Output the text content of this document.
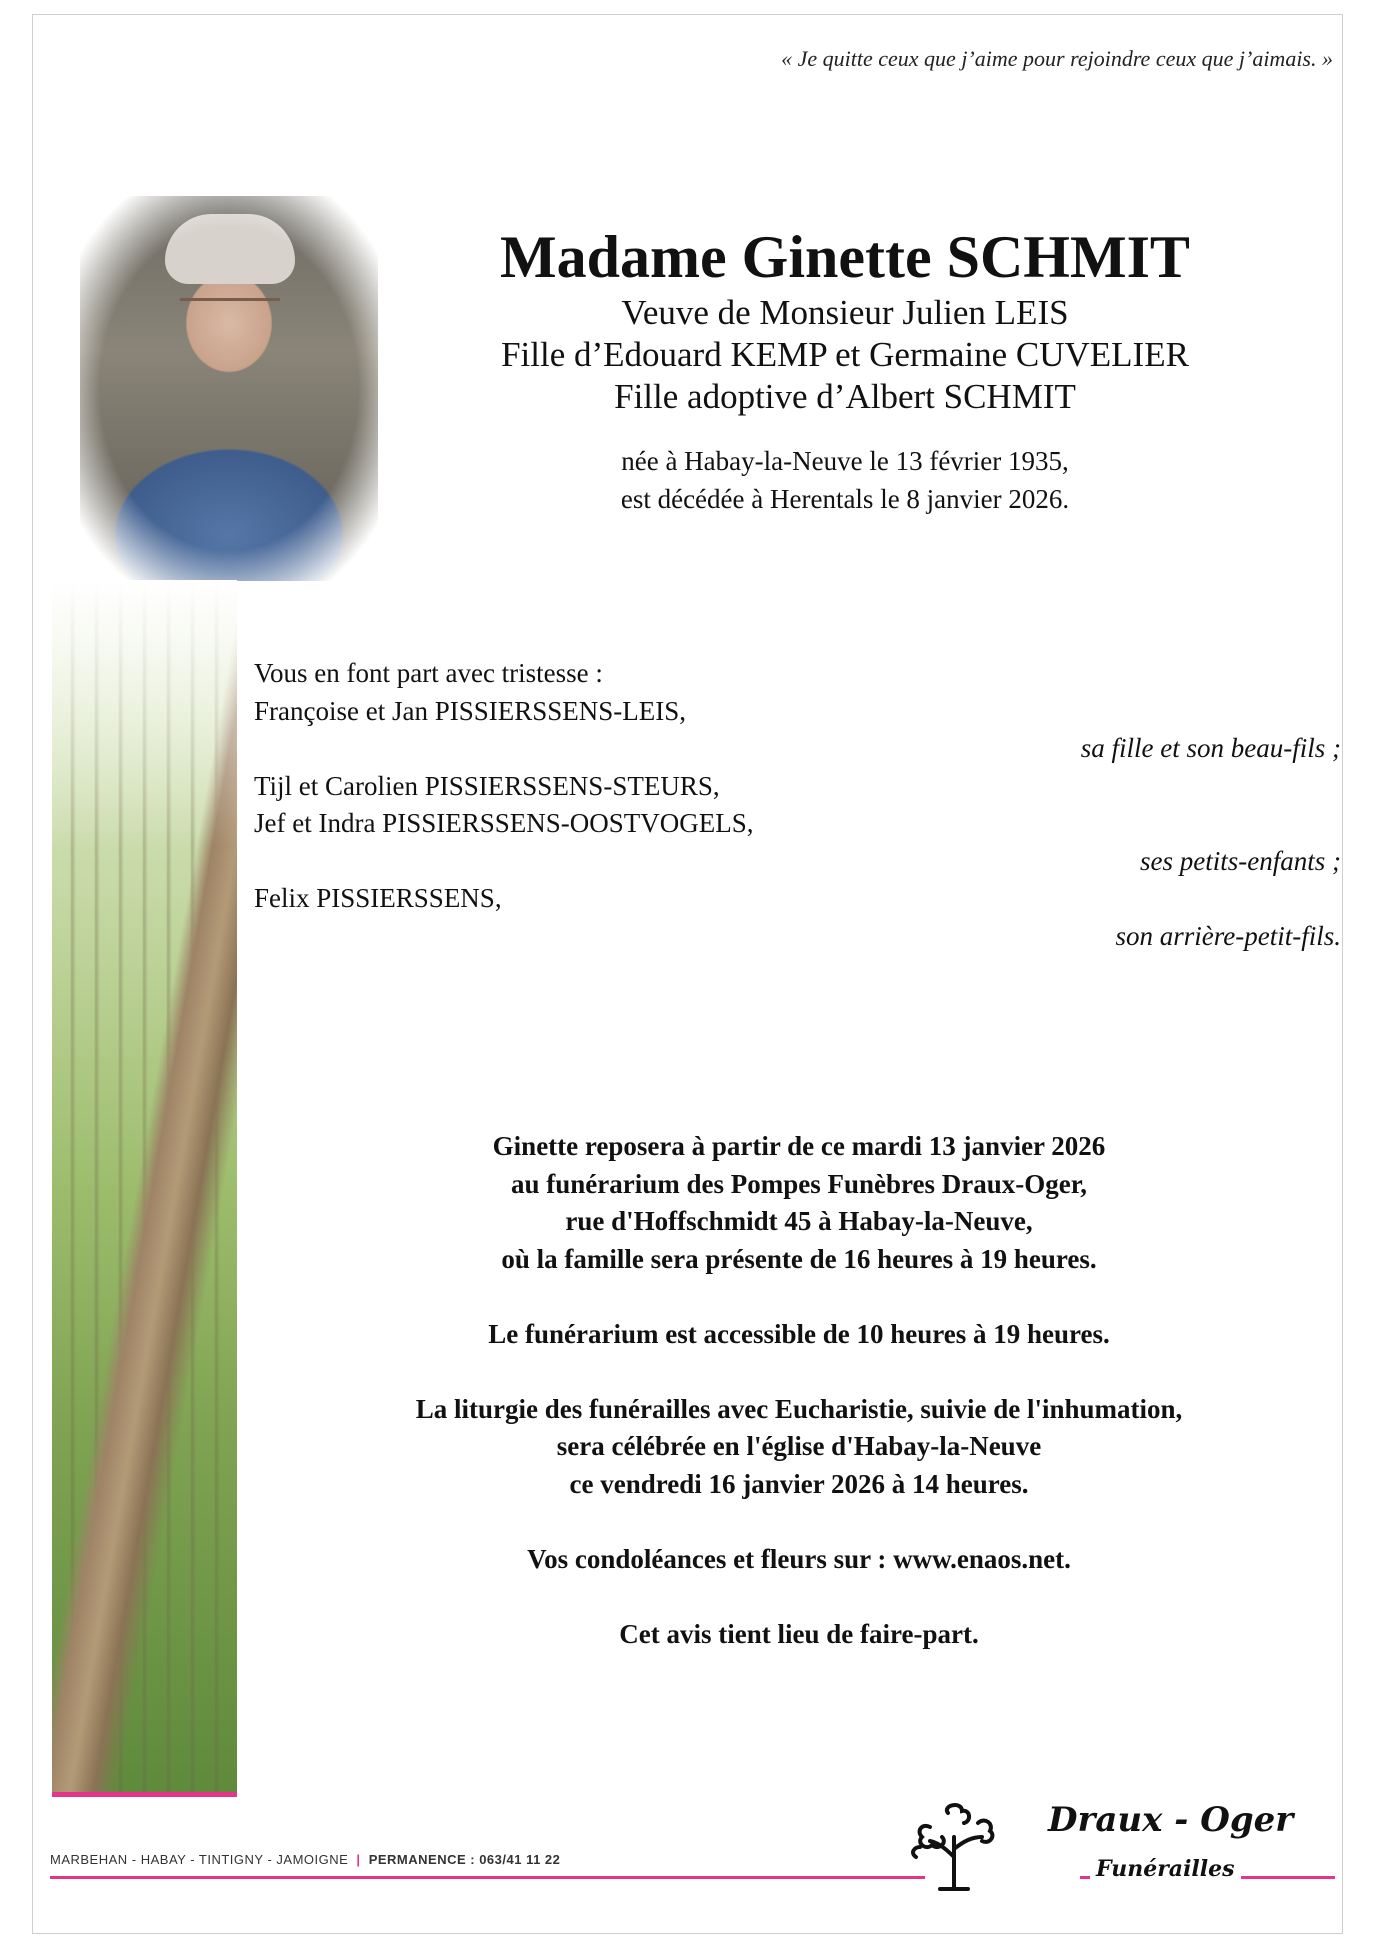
« Je quitte ceux que j’aime pour rejoindre ceux que j’aimais. »

Madame Ginette SCHMIT

Veuve de Monsieur Julien LEIS

Fille d’Edouard KEMP et Germaine CUVELIER

Fille adoptive d’Albert SCHMIT

née à Habay-la-Neuve le 13 février 1935,

est décédée à Herentals le 8 janvier 2026.

Vous en font part avec tristesse :

Françoise et Jan PISSIERSSENS-LEIS,

sa fille et son beau-fils ;

Tijl et Carolien PISSIERSSENS-STEURS,

Jef et Indra PISSIERSSENS-OOSTVOGELS,

ses petits-enfants ;

Felix PISSIERSSENS,

son arrière-petit-fils.

Ginette reposera à partir de ce mardi 13 janvier 2026

au funérarium des Pompes Funèbres Draux-Oger,

rue d'Hoffschmidt 45 à Habay-la-Neuve,

où la famille sera présente de 16 heures à 19 heures.

Le funérarium est accessible de 10 heures à 19 heures.

La liturgie des funérailles avec Eucharistie, suivie de l'inhumation,

sera célébrée en l'église d'Habay-la-Neuve

ce vendredi 16 janvier 2026 à 14 heures.

Vos condoléances et fleurs sur : www.enaos.net.

Cet avis tient lieu de faire-part.

MARBEHAN - HABAY - TINTIGNY - JAMOIGNE | PERMANENCE : 063/41 11 22
Draux - Oger
Funérailles
